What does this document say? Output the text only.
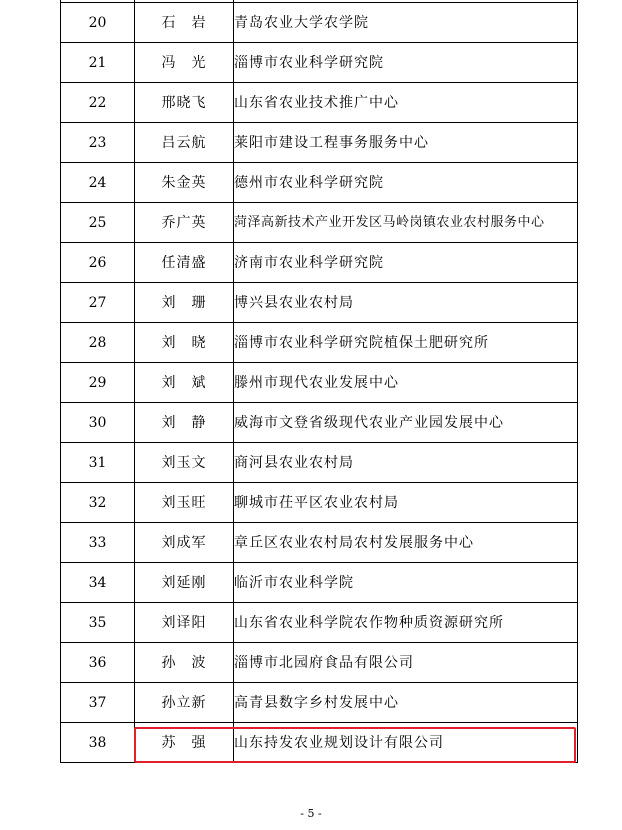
20	石　岩	青岛农业大学农学院
21	冯　光	淄博市农业科学研究院
22	邢晓飞	山东省农业技术推广中心
23	吕云航	莱阳市建设工程事务服务中心
24	朱金英	德州市农业科学研究院
25	乔广英	菏泽高新技术产业开发区马岭岗镇农业农村服务中心
26	任清盛	济南市农业科学研究院
27	刘　珊	博兴县农业农村局
28	刘　晓	淄博市农业科学研究院植保土肥研究所
29	刘　斌	滕州市现代农业发展中心
30	刘　静	威海市文登省级现代农业产业园发展中心
31	刘玉文	商河县农业农村局
32	刘玉旺	聊城市茌平区农业农村局
33	刘成军	章丘区农业农村局农村发展服务中心
34	刘延刚	临沂市农业科学院
35	刘译阳	山东省农业科学院农作物种质资源研究所
36	孙　波	淄博市北园府食品有限公司
37	孙立新	高青县数字乡村发展中心
38	苏　强	山东持发农业规划设计有限公司
- 5 -
